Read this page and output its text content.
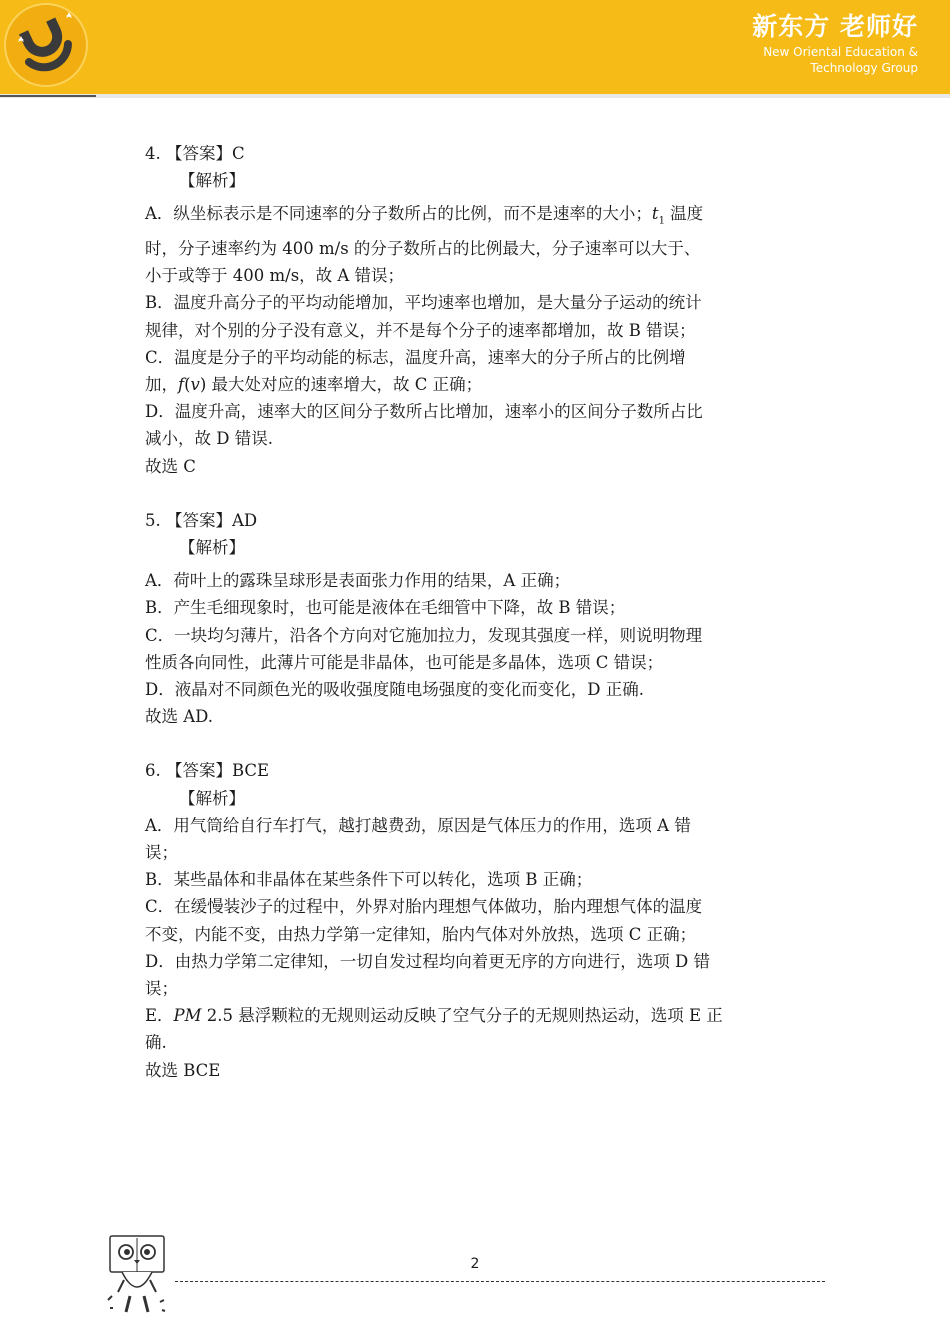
新东方 老师好
New Oriental Education &
Technology Group
4. 【答案】C
【解析】
A．纵坐标表示是不同速率的分子数所占的比例，而不是速率的大小；$t_1$ 温度
时，分子速率约为 400 m/s 的分子数所占的比例最大，分子速率可以大于、
小于或等于 400 m/s，故 A 错误；
B．温度升高分子的平均动能增加，平均速率也增加，是大量分子运动的统计
规律，对个别的分子没有意义，并不是每个分子的速率都增加，故 B 错误；
C．温度是分子的平均动能的标志，温度升高，速率大的分子所占的比例增
加，f(v) 最大处对应的速率增大，故 C 正确；
D．温度升高，速率大的区间分子数所占比增加，速率小的区间分子数所占比
减小，故 D 错误.
故选 C
5. 【答案】AD
【解析】
A．荷叶上的露珠呈球形是表面张力作用的结果，A 正确；
B．产生毛细现象时，也可能是液体在毛细管中下降，故 B 错误；
C．一块均匀薄片，沿各个方向对它施加拉力，发现其强度一样，则说明物理
性质各向同性，此薄片可能是非晶体，也可能是多晶体，选项 C 错误；
D．液晶对不同颜色光的吸收强度随电场强度的变化而变化，D 正确.
故选 AD.
6. 【答案】BCE
【解析】
A．用气筒给自行车打气，越打越费劲，原因是气体压力的作用，选项 A 错
误；
B．某些晶体和非晶体在某些条件下可以转化，选项 B 正确；
C．在缓慢装沙子的过程中，外界对胎内理想气体做功，胎内理想气体的温度
不变，内能不变，由热力学第一定律知，胎内气体对外放热，选项 C 正确；
D．由热力学第二定律知，一切自发过程均向着更无序的方向进行，选项 D 错
误；
E．PM 2.5 悬浮颗粒的无规则运动反映了空气分子的无规则热运动，选项 E 正
确.
故选 BCE
2
